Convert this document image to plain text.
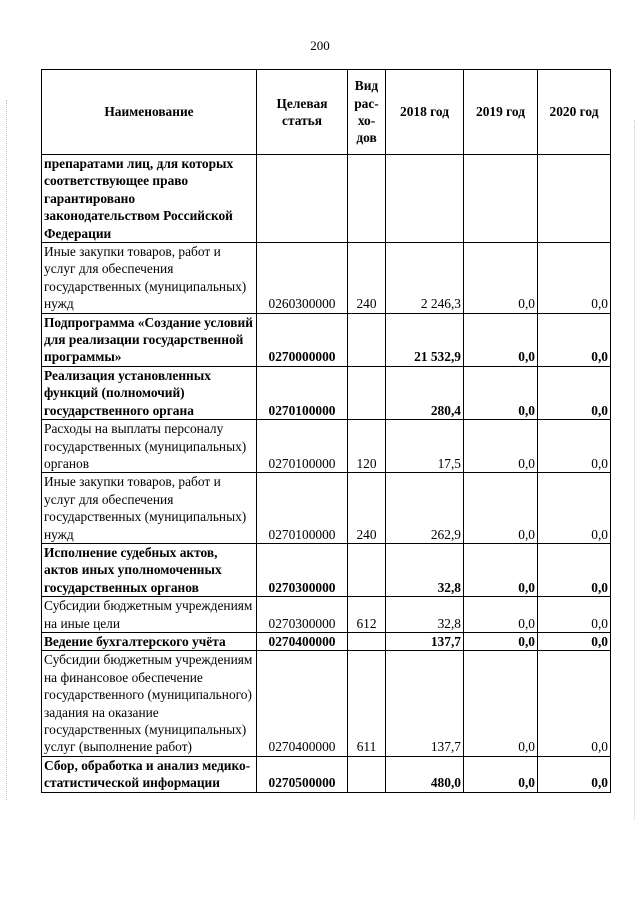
200
Наименование	Целевая статья	Вид рас-хо-дов	2018 год	2019 год	2020 год
препаратами лиц, для которых соответствующее право гарантировано законодательством Российской Федерации					
Иные закупки товаров, работ и услуг для обеспечения государственных (муниципальных) нужд	0260300000	240	2 246,3	0,0	0,0
Подпрограмма «Создание условий для реализации государственной программы»	0270000000		21 532,9	0,0	0,0
Реализация установленных функций (полномочий) государственного органа	0270100000		280,4	0,0	0,0
Расходы на выплаты персоналу государственных (муниципальных) органов	0270100000	120	17,5	0,0	0,0
Иные закупки товаров, работ и услуг для обеспечения государственных (муниципальных) нужд	0270100000	240	262,9	0,0	0,0
Исполнение судебных актов, актов иных уполномоченных государственных органов	0270300000		32,8	0,0	0,0
Субсидии бюджетным учреждениям на иные цели	0270300000	612	32,8	0,0	0,0
Ведение бухгалтерского учёта	0270400000		137,7	0,0	0,0
Субсидии бюджетным учреждениям на финансовое обеспечение государственного (муниципального) задания на оказание государственных (муниципальных) услуг (выполнение работ)	0270400000	611	137,7	0,0	0,0
Сбор, обработка и анализ медико-статистической информации	0270500000		480,0	0,0	0,0
